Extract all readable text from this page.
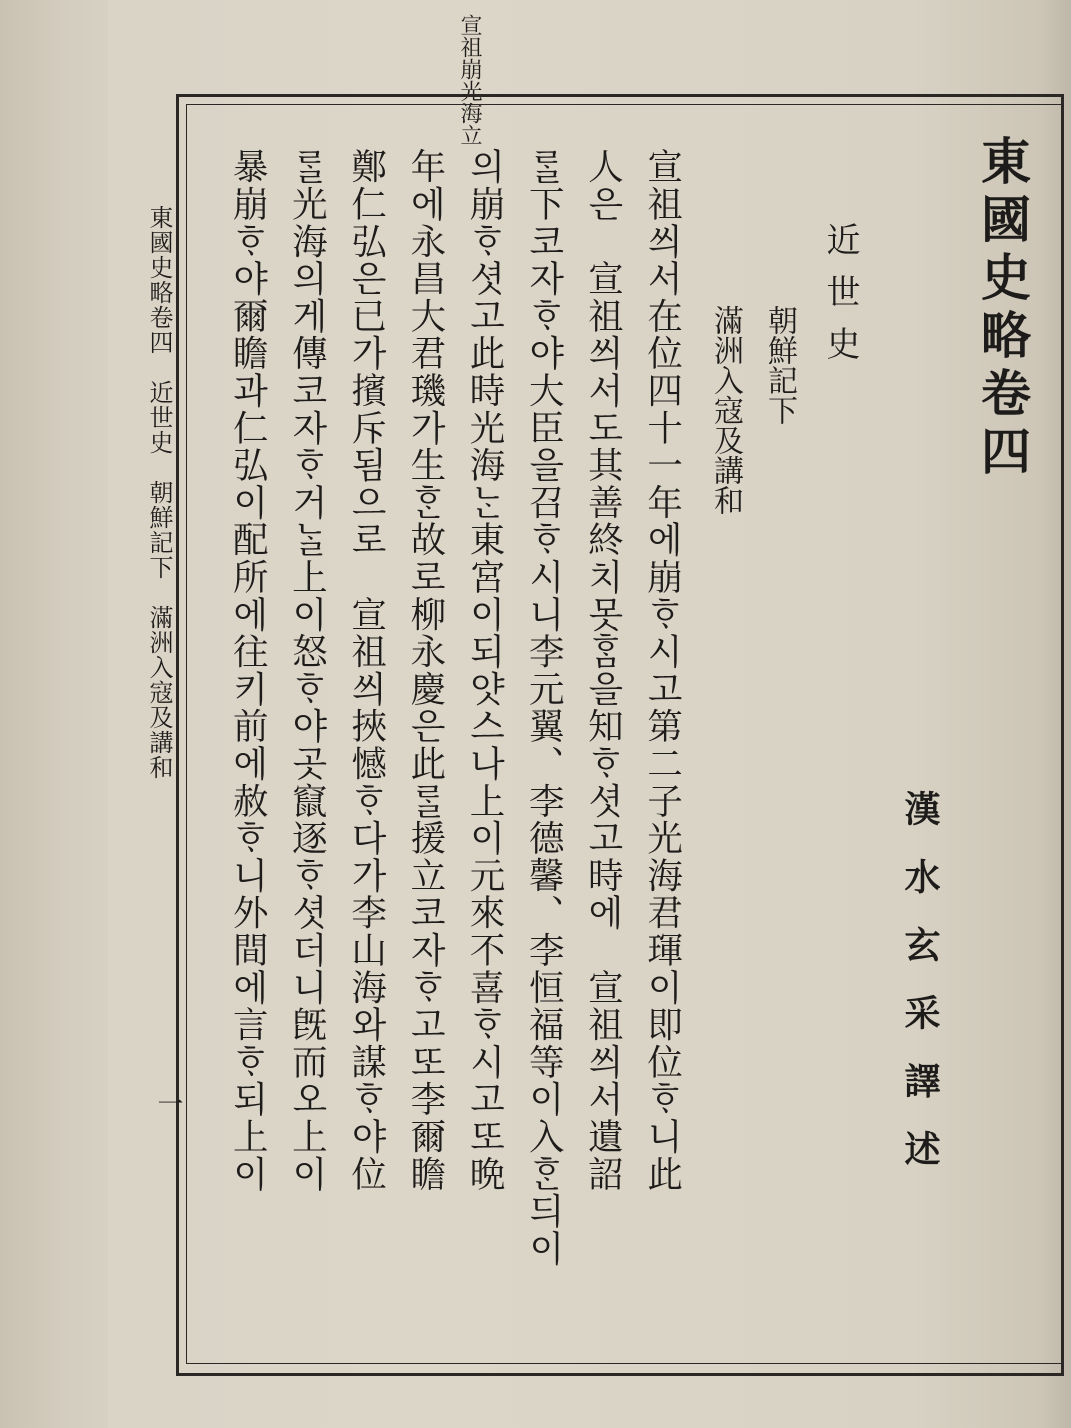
宣祖崩光海立
東國史略卷四
近世史
朝鮮記下
滿洲入寇及講和
漢水玄采譯述
宣祖씌서在位四十一年에崩ᄒᆞ시고第二子光海君琿이即位ᄒᆞ니此
人은　宣祖씌서도其善終치못ᄒᆞᆷ을知ᄒᆞ셧고時에　宣祖씌서遺詔
ᄅᆞᆯ下코자ᄒᆞ야大臣을召ᄒᆞ시니李元翼、李德馨、李恒福等이入ᄒᆞᆫ듸이
의崩ᄒᆞ셧고此時光海ᄂᆞᆫ東宮이되얏스나上이元來不喜ᄒᆞ시고또晩
年에永昌大君璣가生ᄒᆞᆫ故로柳永慶은此ᄅᆞᆯ援立코자ᄒᆞ고또李爾瞻
鄭仁弘은已가擯斥됨으로　宣祖씌挾憾ᄒᆞ다가李山海와謀ᄒᆞ야位
ᄅᆞᆯ光海의게傳코자ᄒᆞ거ᄂᆞᆯ上이怒ᄒᆞ야곳竄逐ᄒᆞ셧더니旣而오上이
暴崩ᄒᆞ야爾瞻과仁弘이配所에往키前에赦ᄒᆞ니外間에言ᄒᆞ되上이
東國史略卷四　近世史　朝鮮記下　滿洲入寇及講和
一
